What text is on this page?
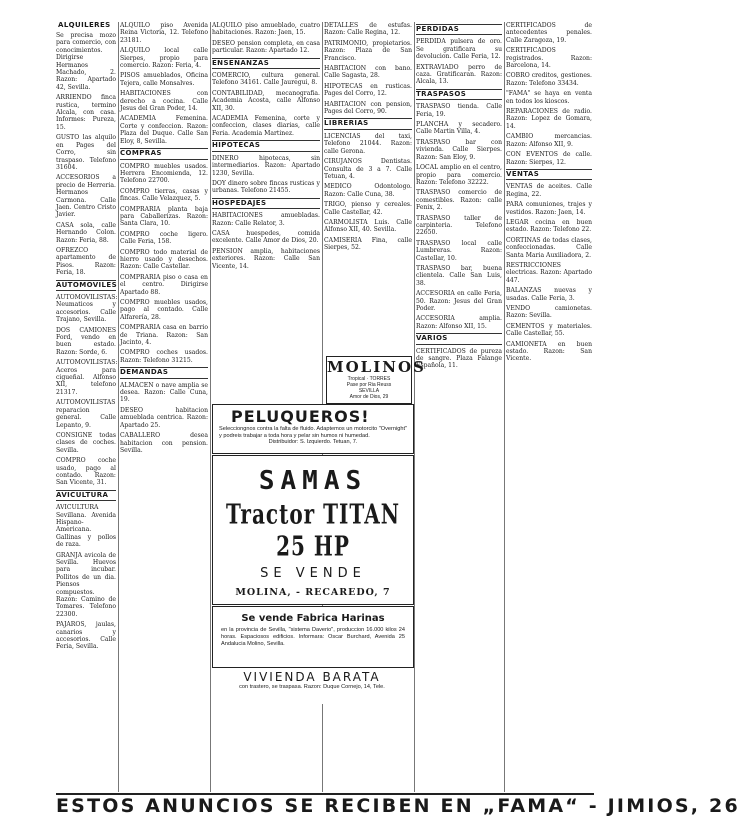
ALQUILERES
Se precisa mozo para comercio, con conocimientos. Dirigirse Hermanos Machado, 2. Razon: Apartado 42, Sevilla.
ARRIENDO finca rustica, termino Alcala, con casa. Informes: Pureza, 15.
GUSTO las alquilo en Pages del Corro, sin traspaso. Telefono 31604.
ACCESORIOS a precio de Herreria. Hermanos Carmona. Calle Jaen. Centro Cristo Javier.
CASA sola, calle Hernando Colon. Razon: Feria, 88.
OFREZCO apartamento de Pisos. Razon: Feria, 18.
AUTOMOVILES
AUTOMOVILISTAS: Neumaticos y accesorios. Calle Trajano, Sevilla.
DOS CAMIONES Ford, vendo en buen estado. Razon: Sorde, 6.
AUTOMOVILISTAS: Aceros para cigueñal. Alfonso XII, telefono 21317.
AUTOMOVILISTAS reparacion general. Calle Lepanto, 9.
CONSIGNE todas clases de coches. Sevilla.
COMPRO coche usado, pago al contado. Razon: San Vicente, 31.
AVICULTURA
AVICULTURA Sevillana. Avenida Hispano-Americana. Gallinas y pollos de raza.
GRANJA avicola de Sevilla. Huevos para incubar. Pollitos de un dia. Piensos compuestos. Razon: Camino de Tomares. Telefono 22300.
PAJAROS, jaulas, canarios y accesorios. Calle Feria, Sevilla.
ALQUILO piso Avenida Reina Victoria, 12. Telefono 23181.
ALQUILO local calle Sierpes, propio para comercio. Razon: Feria, 4.
PISOS amueblados, Oficina Tejera, calle Monsalves.
HABITACIONES con derecho a cocina. Calle Jesus del Gran Poder, 14.
ACADEMIA Femenina. Corte y confeccion. Razon: Plaza del Duque. Calle San Eloy, 8, Sevilla.
COMPRAS
COMPRO muebles usados. Herrera Encomienda, 12. Telefono 22700.
COMPRO tierras, casas y fincas. Calle Velazquez, 5.
COMPRARIA planta baja para Caballerizas. Razon: Santa Clara, 10.
COMPRO coche ligero. Calle Feria, 158.
COMPRO todo material de hierro usado y desechos. Razon: Calle Castellar.
COMPRARIA piso o casa en el centro. Dirigirse Apartado 88.
COMPRO muebles usados, pago al contado. Calle Alfarería, 28.
COMPRARIA casa en barrio de Triana. Razon: San Jacinto, 4.
COMPRO coches usados. Razon: Telefono 31215.
DEMANDAS
ALMACEN o nave amplia se desea. Razon: Calle Cuna, 19.
DESEO habitacion amueblada centrica. Razon: Apartado 25.
CABALLERO desea habitacion con pension. Sevilla.
ALQUILO piso amueblado, cuatro habitaciones. Razon: Jaen, 15.
DESEO pension completa, en casa particular. Razon: Apartado 12.
ENSEÑANZAS
COMERCIO, cultura general. Telefono 34161. Calle Jauregui, 8.
CONTABILIDAD, mecanografia. Academia Acosta, calle Alfonso XII, 30.
ACADEMIA Femenina, corte y confeccion, clases diarias, calle Feria. Academia Martinez.
HIPOTECAS
DINERO hipotecas, sin intermediarios. Razon: Apartado 1230, Sevilla.
DOY dinero sobre fincas rusticas y urbanas. Telefono 21455.
HOSPEDAJES
HABITACIONES amuebladas. Razon: Calle Relator, 3.
CASA huespedes, comida excelente. Calle Amor de Dios, 20.
PENSION amplia, habitaciones exteriores. Razon: Calle San Vicente, 14.
DETALLES de estufas. Razon: Calle Regina, 12.
PATRIMONIO, propietarios. Razon: Plaza de San Francisco.
HABITACION con bano. Calle Sagasta, 28.
HIPOTECAS en rusticas. Pages del Corro, 12.
HABITACION con pension, Pages del Corro, 90.
LIBRERIAS
LICENCIAS del taxi, Telefono 21044. Razon: calle Gerona.
CIRUJANOS Dentistas. Consulta de 3 a 7. Calle Tetuan, 4.
MEDICO Odontologo. Razon: Calle Cuna, 38.
TRIGO, pienso y cereales. Calle Castellar, 42.
CARMOLISTA Luis. Calle Alfonso XII, 40. Sevilla.
CAMISERIA Fina, calle Sierpes, 52.
PERDIDAS
PERDIDA pulsera de oro. Se gratificara su devolucion. Calle Feria, 12.
EXTRAVIADO perro de caza. Gratificaran. Razon: Alcala, 13.
TRASPASOS
TRASPASO tienda. Calle Feria, 19.
PLANCHA y secadero. Calle Martin Villa, 4.
TRASPASO bar con vivienda. Calle Sierpes. Razon: San Eloy, 9.
LOCAL amplio en el centro, propio para comercio. Razon: Telefono 32222.
TRASPASO comercio de comestibles. Razon: calle Fenix, 2.
TRASPASO taller de carpinteria. Telefono 22650.
TRASPASO local calle Lumbreras. Razon: Castellar, 10.
TRASPASO bar, buena clientela. Calle San Luis, 38.
ACCESORIA en calle Feria, 50. Razon: Jesus del Gran Poder.
ACCESORIA amplia. Razon: Alfonso XII, 15.
VARIOS
CERTIFICADOS de pureza de sangre. Plaza Falange Española, 11.
CERTIFICADOS de antecedentes penales. Calle Zaragoza, 19.
CERTIFICADOS registrados. Razon: Barcelona, 14.
COBRO creditos, gestiones. Razon: Telefono 33434.
"FAMA" se haya en venta en todos los kioscos.
REPARACIONES de radio. Razon: Lopez de Gomara, 14.
CAMBIO mercancias. Razon: Alfonso XII, 9.
CON EVENTOS de calle. Razon: Sierpes, 12.
VENTAS
VENTAS de aceites. Calle Regina, 22.
PARA comuniones, trajes y vestidos. Razon: Jaen, 14.
LEGAR cocina en buen estado. Razon: Telefono 22.
CORTINAS de todas clases, confeccionadas. Calle Santa Maria Auxiliadora, 2.
RESTRICCIONES electricas. Razon: Apartado 447.
BALANZAS nuevas y usadas. Calle Feria, 3.
VENDO camionetas. Razon: Sevilla.
CEMENTOS y materiales. Calle Castellar, 55.
CAMIONETA en buen estado. Razon: San Vicente.
MOLINOS
Tropical · TORRES
Pase por Ria Reuss
SEVILLA
Amor de Dios, 29
PELUQUEROS!
Selecciongnos contra la falta de fluido. Adaptemos un motorcito "Overnight" y podreis trabajar a toda hora y pelar sin humos ni humedad.
Distribuidor: S. Izquierdo. Tetuan, 7.
SAMAS
Tractor TITAN 25 HP
SE VENDE
MOLINA, - RECAREDO, 7
Se vende Fabrica Harinas
en la provincia de Sevilla, "sistema Daverio", produccion 16.000 kilos 24 horas. Espaciosos edificios. Informara: Oscar Burchard, Avenida 25 Andalucia Molino, Sevilla.
VIVIENDA BARATA
con trastero, se traspasa. Razon: Duque Cornejo, 14, Tele.
ESTOS ANUNCIOS SE RECIBEN EN „FAMA“ - JIMIOS, 26
